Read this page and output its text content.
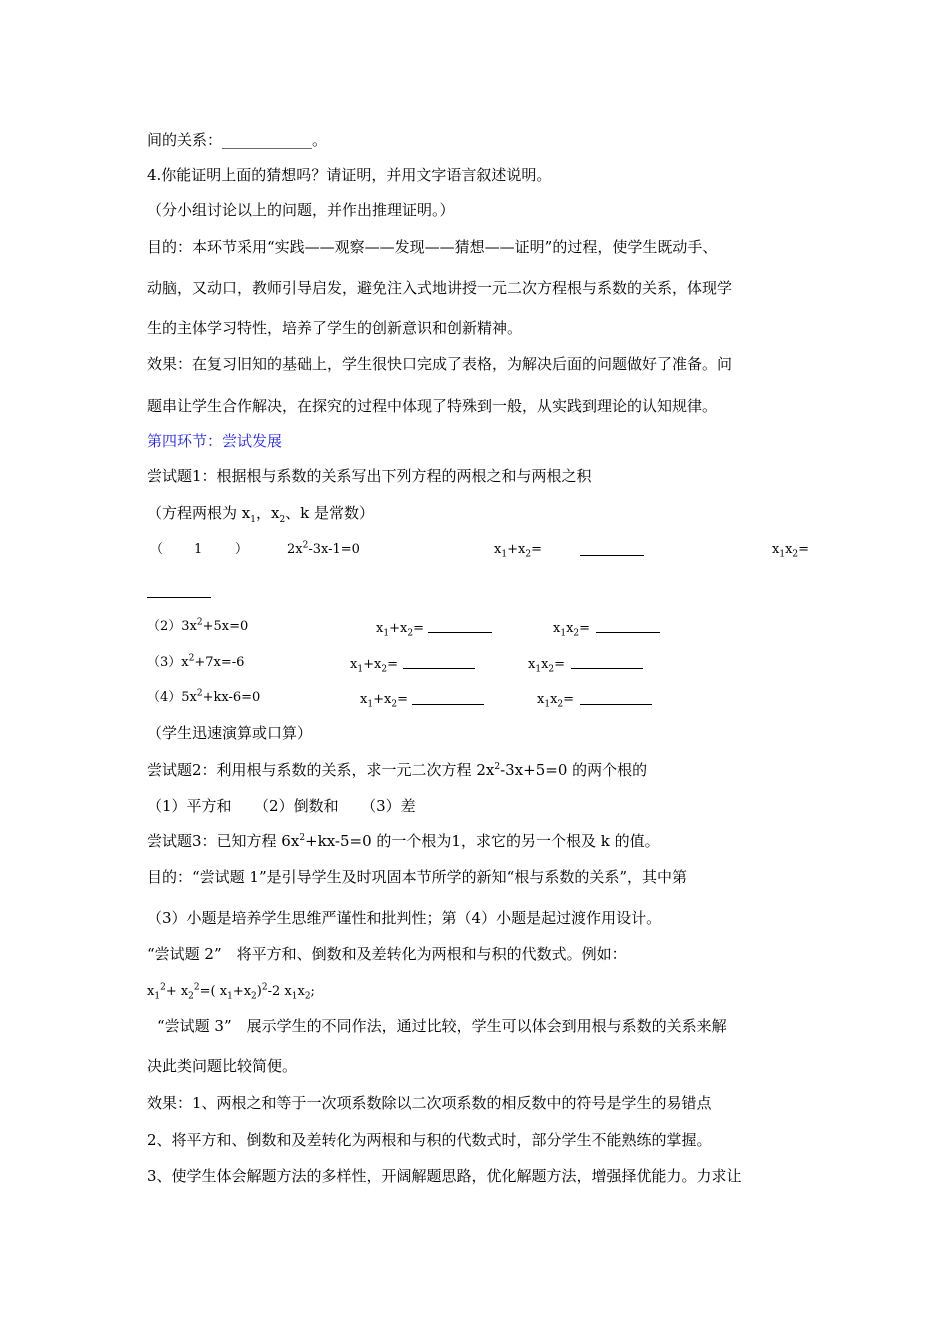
间的关系：____________。
4.你能证明上面的猜想吗？请证明，并用文字语言叙述说明。
（分小组讨论以上的问题，并作出推理证明。）
目的：本环节采用“实践——观察——发现——猜想——证明”的过程，使学生既动手、
动脑，又动口，教师引导启发，避免注入式地讲授一元二次方程根与系数的关系，体现学
生的主体学习特性，培养了学生的创新意识和创新精神。
效果：在复习旧知的基础上，学生很快口完成了表格，为解决后面的问题做好了准备。问
题串让学生合作解决，在探究的过程中体现了特殊到一般，从实践到理论的认知规律。
第四环节：尝试发展
尝试题1：根据根与系数的关系写出下列方程的两根之和与两根之积
（方程两根为 $x_1$，$x_2$、k 是常数）
（ 1	）	$2x^2-3x-1=0$	$x_1+x_2=$	$x_1x_2=$
$(2)3x^2+5x=0$	$x_1+x_2=$	$x_1x_2=$
$(3)x^2+7x=-6$	$x_1+x_2=$	$x_1x_2=$
$(4)5x^2+kx-6=0$	$x_1+x_2=$	$x_1x_2=$
（学生迅速演算或口算）
尝试题2：利用根与系数的关系，求一元二次方程 $2x^2-3x+5=0$ 的两个根的
（1）平方和　　（2）倒数和　　（3）差
尝试题3：已知方程 $6x^2+kx-5=0$ 的一个根为1，求它的另一个根及 k 的值。
目的：“尝试题 1”是引导学生及时巩固本节所学的新知“根与系数的关系”，其中第
（3）小题是培养学生思维严谨性和批判性；第（4）小题是起过渡作用设计。
“尝试题 2”　将平方和、倒数和及差转化为两根和与积的代数式。例如：
$x_1^2+ x_2^2=$( $x_1+x_2)^2-2$ $x_1x_2$;
“尝试题 3”　展示学生的不同作法，通过比较，学生可以体会到用根与系数的关系来解
决此类问题比较简便。
效果：1、两根之和等于一次项系数除以二次项系数的相反数中的符号是学生的易错点
2、将平方和、倒数和及差转化为两根和与积的代数式时，部分学生不能熟练的掌握。
3、使学生体会解题方法的多样性，开阔解题思路，优化解题方法，增强择优能力。力求让
